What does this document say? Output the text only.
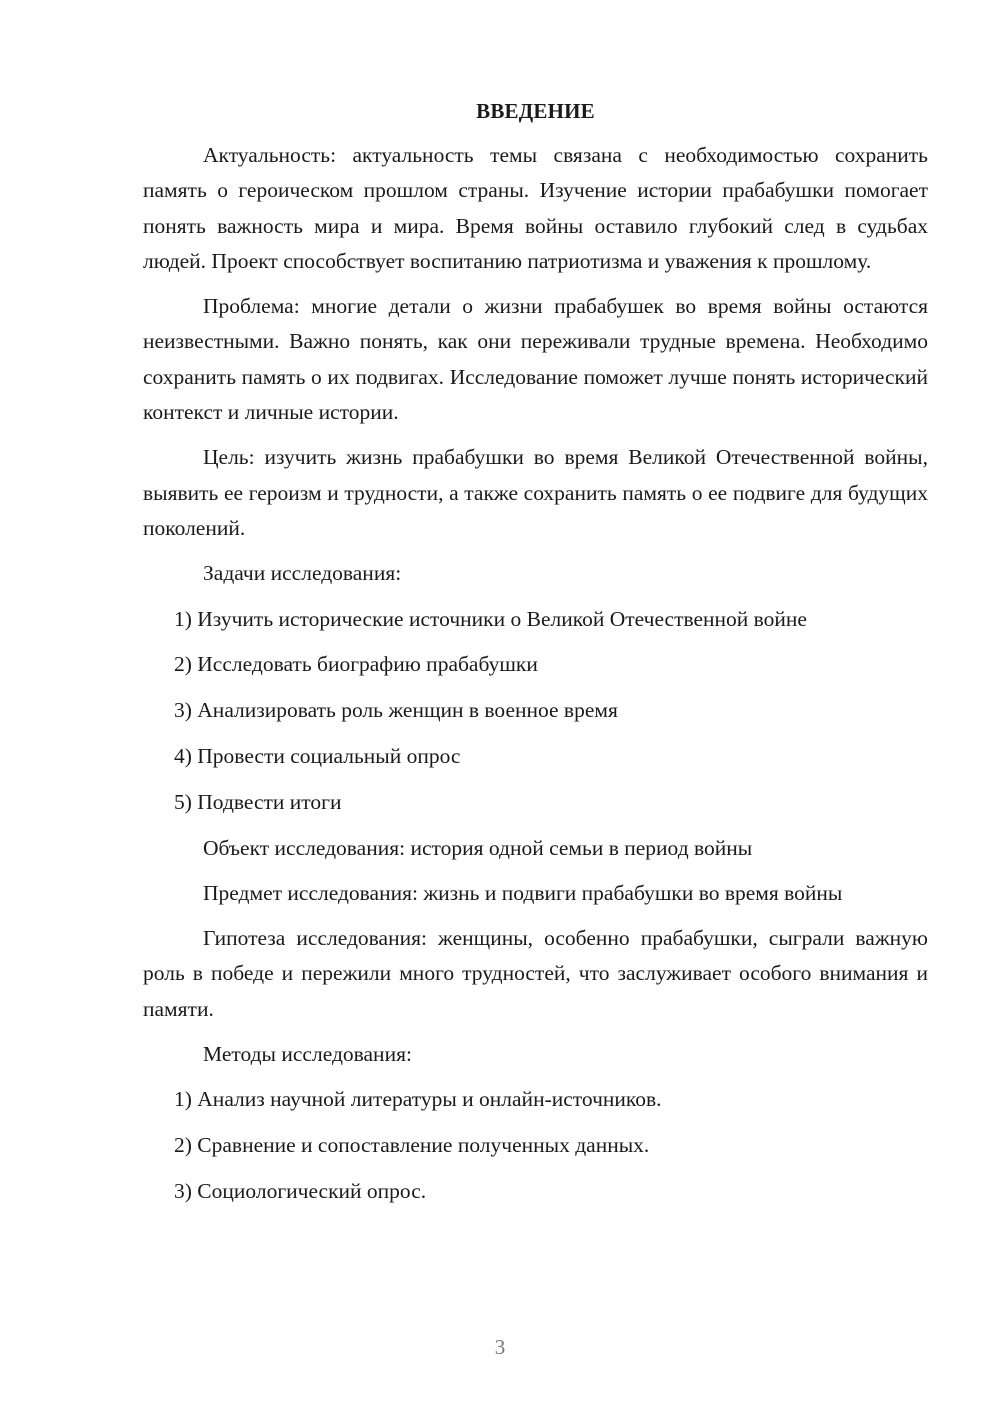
ВВЕДЕНИЕ

Актуальность: актуальность темы связана с необходимостью сохранить память о героическом прошлом страны. Изучение истории прабабушки помогает понять важность мира и мира. Время войны оставило глубокий след в судьбах людей. Проект способствует воспитанию патриотизма и уважения к прошлому.

Проблема: многие детали о жизни прабабушек во время войны остаются неизвестными. Важно понять, как они переживали трудные времена. Необходимо сохранить память о их подвигах. Исследование поможет лучше понять исторический контекст и личные истории.

Цель: изучить жизнь прабабушки во время Великой Отечественной войны, выявить ее героизм и трудности, а также сохранить память о ее подвиге для будущих поколений.

Задачи исследования:

1) Изучить исторические источники о Великой Отечественной войне
2) Исследовать биографию прабабушки
3) Анализировать роль женщин в военное время
4) Провести социальный опрос
5) Подвести итоги

Объект исследования: история одной семьи в период войны

Предмет исследования: жизнь и подвиги прабабушки во время войны

Гипотеза исследования: женщины, особенно прабабушки, сыграли важную роль в победе и пережили много трудностей, что заслуживает особого внимания и памяти.

Методы исследования:

1) Анализ научной литературы и онлайн-источников.
2) Сравнение и сопоставление полученных данных.
3) Социологический опрос.
3
